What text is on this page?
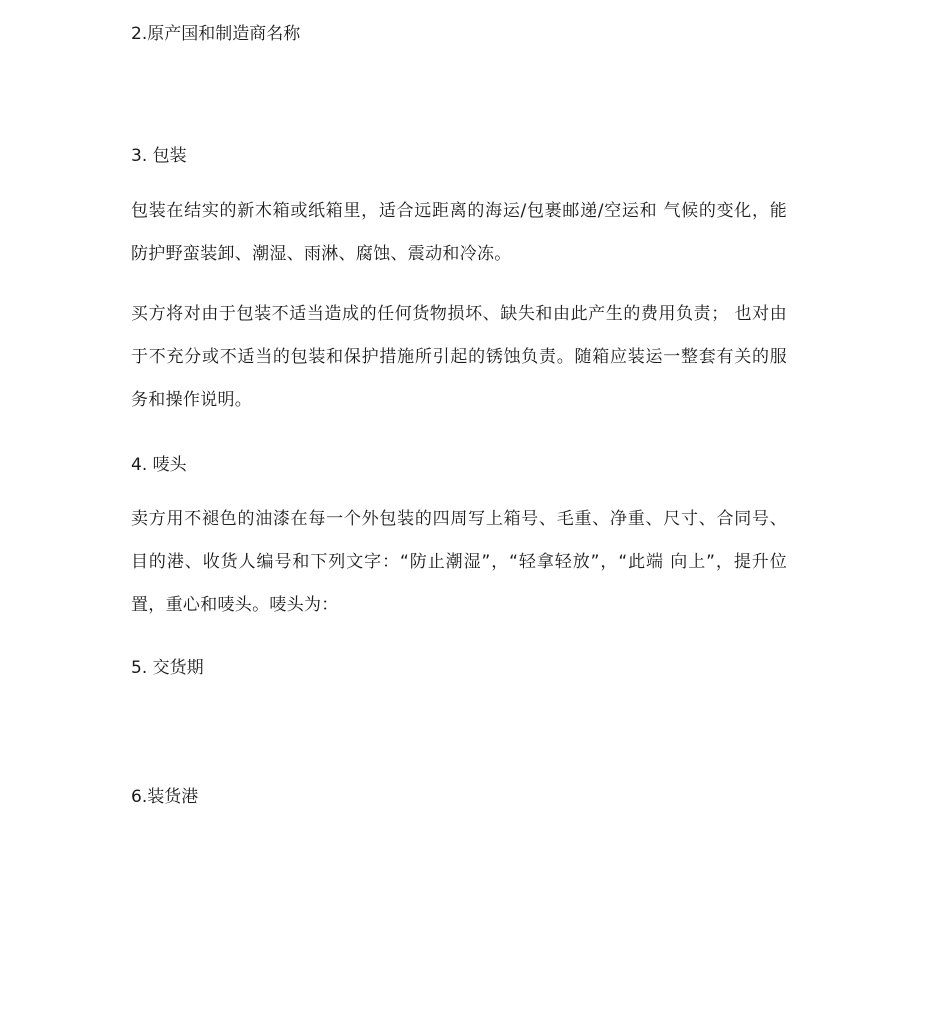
2.原产国和制造商名称
3. 包装

包装在结实的新木箱或纸箱里，适合远距离的海运/包裹邮递/空运和 气候的变化，能防护野蛮装卸、潮湿、雨淋、腐蚀、震动和冷冻。

买方将对由于包装不适当造成的任何货物损坏、缺失和由此产生的费用负责； 也对由于不充分或不适当的包装和保护措施所引起的锈蚀负责。随箱应装运一整套有关的服务和操作说明。

4. 唛头

卖方用不褪色的油漆在每一个外包装的四周写上箱号、毛重、净重、尺寸、合同号、目的港、收货人编号和下列文字：“防止潮湿”，“轻拿轻放”，“此端 向上”，提升位置，重心和唛头。唛头为：

5. 交货期
6.装货港
